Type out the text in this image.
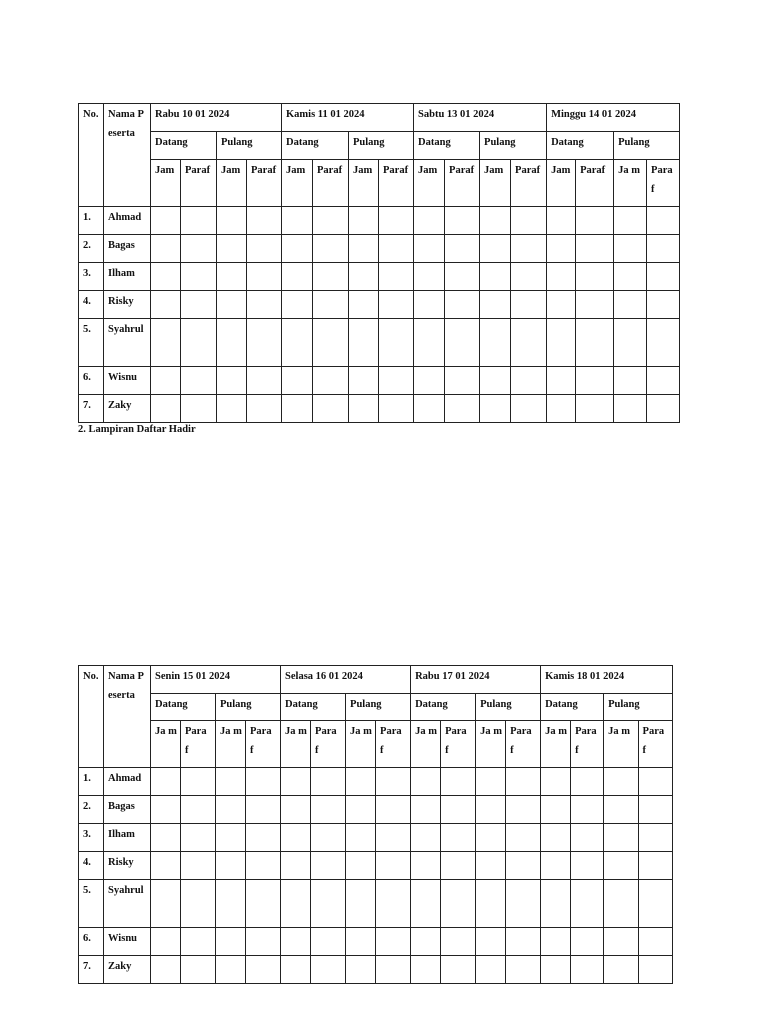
No.	Nama Peserta	Rabu 10 01 2024				Kamis 11 01 2024				Sabtu 13 01 2024				Minggu 14 01 2024			
		Datang		Pulang		Datang		Pulang		Datang		Pulang		Datang		Pulang	
		Jam	Paraf	Jam	Paraf	Jam	Paraf	Jam	Paraf	Jam	Paraf	Jam	Paraf	Jam	Paraf	Ja m	Paraf
1.	Ahmad																
2.	Bagas																
3.	Ilham																
4.	Risky																
5.	Syahrul																
6.	Wisnu																
7.	Zaky																
2. Lampiran Daftar Hadir
No.	Nama Peserta	Senin 15 01 2024				Selasa 16 01 2024				Rabu 17 01 2024				Kamis 18 01 2024			
		Datang		Pulang		Datang		Pulang		Datang		Pulang		Datang		Pulang	
		Ja m	Para f	Ja m	Para f	Ja m	Para f	Ja m	Para f	Ja m	Para f	Ja m	Para f	Ja m	Para f	Ja m	Para f
1.	Ahmad																
2.	Bagas																
3.	Ilham																
4.	Risky																
5.	Syahrul																
6.	Wisnu																
7.	Zaky																
